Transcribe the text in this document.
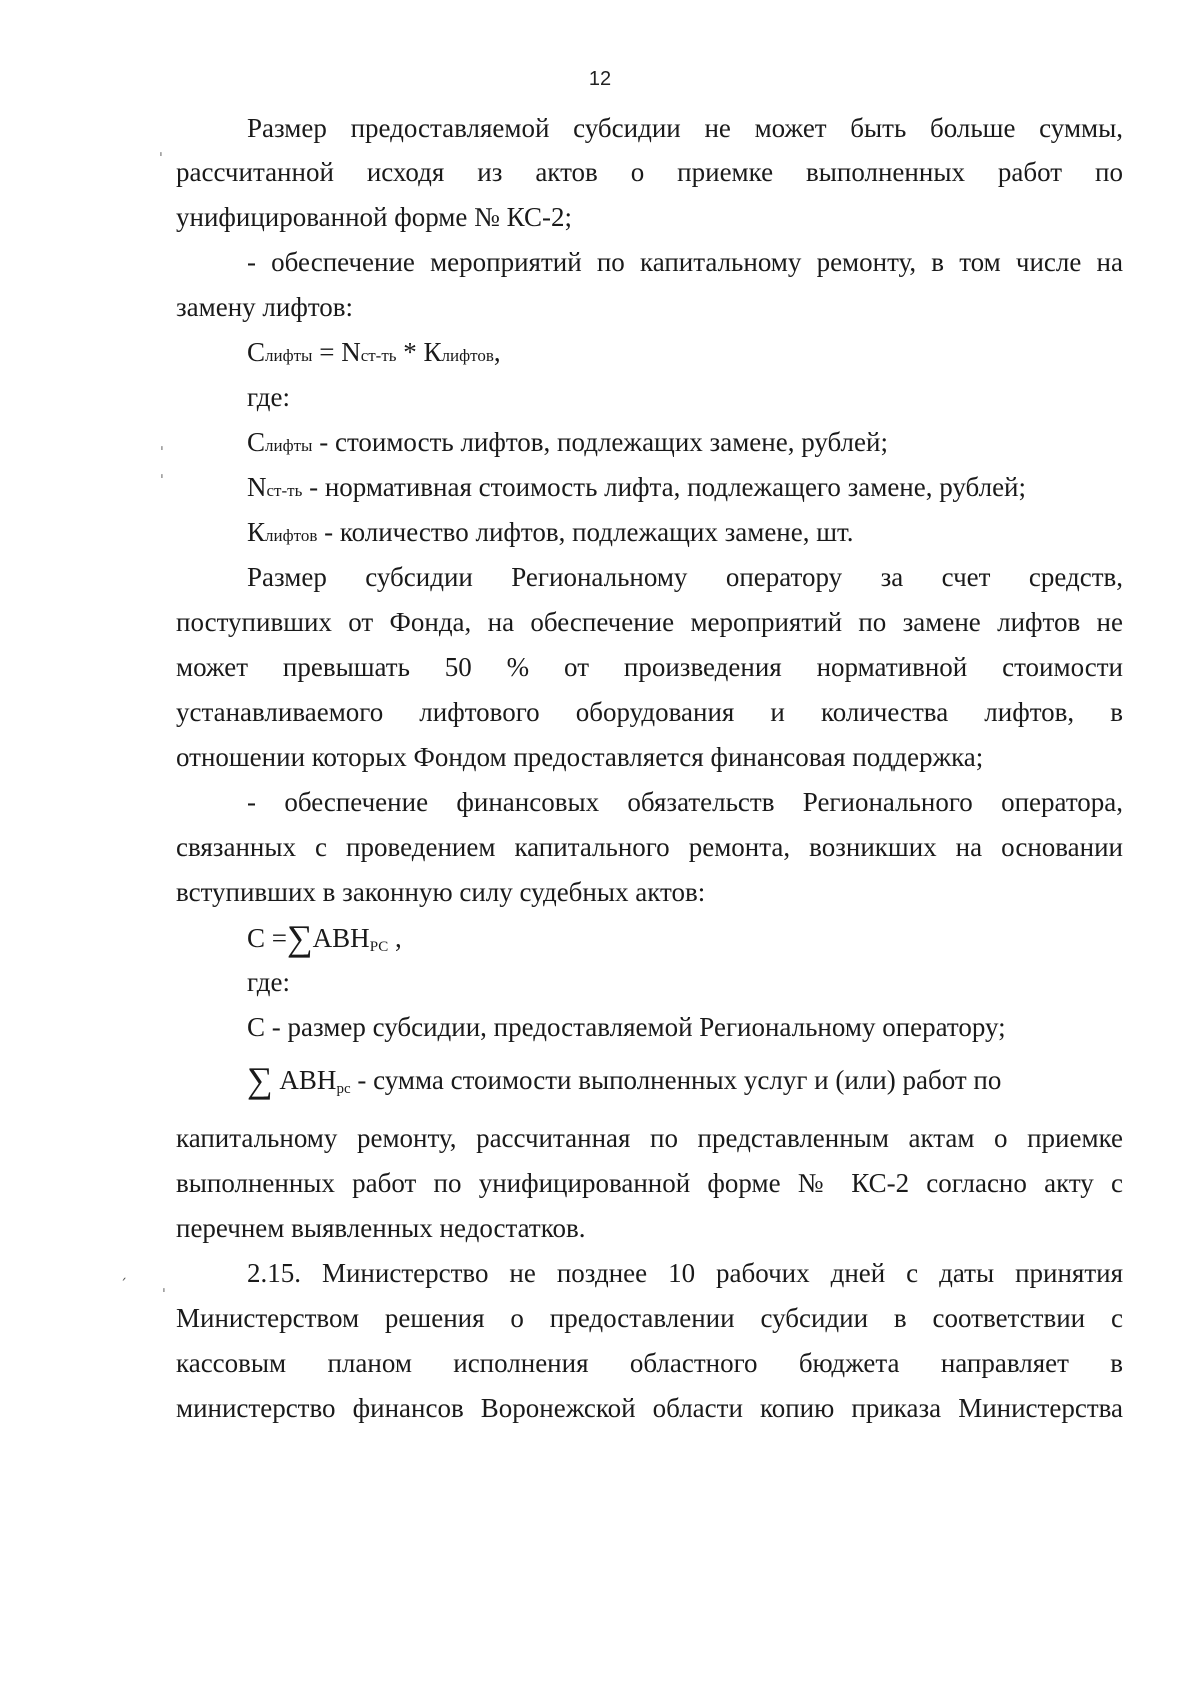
12
Размер предоставляемой субсидии не может быть больше суммы,
рассчитанной исходя из актов о приемке выполненных работ по
унифицированной форме № КС-2;
- обеспечение мероприятий по капитальному ремонту, в том числе на
замену лифтов:
Слифты = Nст-ть * Клифтов,
где:
Слифты - стоимость лифтов, подлежащих замене, рублей;
Nст-ть - нормативная стоимость лифта, подлежащего замене, рублей;
Клифтов - количество лифтов, подлежащих замене, шт.
Размер субсидии Региональному оператору за счет средств,
поступивших от Фонда, на обеспечение мероприятий по замене лифтов не
может превышать 50 % от произведения нормативной стоимости
устанавливаемого лифтового оборудования и количества лифтов, в
отношении которых Фондом предоставляется финансовая поддержка;
- обеспечение финансовых обязательств Регионального оператора,
связанных с проведением капитального ремонта, возникших на основании
вступивших в законную силу судебных актов:
$С =\sum АВН_{РС}$ ,
где:
С - размер субсидии, предоставляемой Региональному оператору;
∑ $АВН_{рс}$ - сумма стоимости выполненных услуг и (или) работ по
капитальному ремонту, рассчитанная по представленным актам о приемке
выполненных работ по унифицированной форме № КС-2 согласно акту с
перечнем выявленных недостатков.
2.15. Министерство не позднее 10 рабочих дней с даты принятия
Министерством решения о предоставлении субсидии в соответствии с
кассовым планом исполнения областного бюджета направляет в
министерство финансов Воронежской области копию приказа Министерства
ˌ
ˌ
ˌ
ˌ
ˏ
